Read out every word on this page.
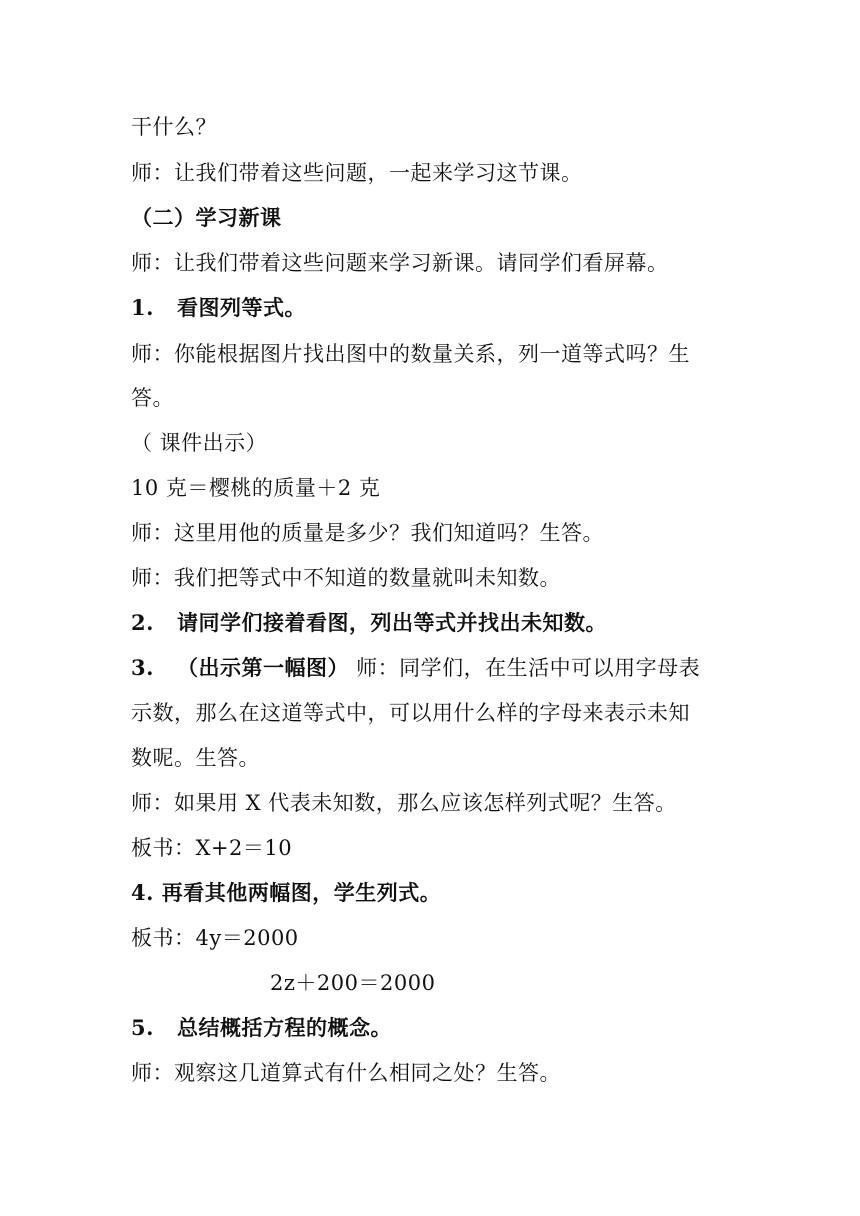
干什么？
师：让我们带着这些问题，一起来学习这节课。
（二）学习新课
师：让我们带着这些问题来学习新课。请同学们看屏幕。
1. 看图列等式。
师：你能根据图片找出图中的数量关系，列一道等式吗？生
答。
（ 课件出示）
10 克＝樱桃的质量＋2 克
师：这里用他的质量是多少？我们知道吗？生答。
师：我们把等式中不知道的数量就叫未知数。
2. 请同学们接着看图，列出等式并找出未知数。
3. （出示第一幅图） 师：同学们，在生活中可以用字母表
示数，那么在这道等式中，可以用什么样的字母来表示未知
数呢。生答。
师：如果用 X 代表未知数，那么应该怎样列式呢？生答。
板书：X+2＝10
4. 再看其他两幅图，学生列式。
板书：4y＝2000
2z＋200＝2000
5. 总结概括方程的概念。
师：观察这几道算式有什么相同之处？生答。
